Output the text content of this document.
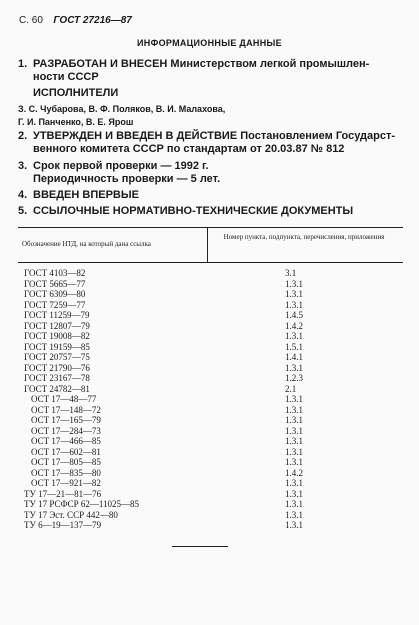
С. 60 ГОСТ 27216—87
ИНФОРМАЦИОННЫЕ ДАННЫЕ
1. РАЗРАБОТАН И ВНЕСЕН Министерством легкой промышлен-
ности СССР
ИСПОЛНИТЕЛИ
З. С. Чубарова, В. Ф. Поляков, В. И. Малахова,
Г. И. Панченко, В. Е. Ярош
2. УТВЕРЖДЕН И ВВЕДЕН В ДЕЙСТВИЕ Постановлением Государст-
венного комитета СССР по стандартам от 20.03.87 № 812
3. Срок первой проверки — 1992 г.
Периодичность проверки — 5 лет.
4. ВВЕДЕН ВПЕРВЫЕ
5. ССЫЛОЧНЫЕ НОРМАТИВНО-ТЕХНИЧЕСКИЕ ДОКУМЕНТЫ
Обозначение НТД, на который дана ссылка
Номер пункта, подпункта, перечисления, приложения
ГОСТ 4103—82	3.1
ГОСТ 5665—77	1.3.1
ГОСТ 6309—80	1.3.1
ГОСТ 7259—77	1.3.1
ГОСТ 11259—79	1.4.5
ГОСТ 12807—79	1.4.2
ГОСТ 19008—82	1.3.1
ГОСТ 19159—85	1.5.1
ГОСТ 20757—75	1.4.1
ГОСТ 21790—76	1.3.1
ГОСТ 23167—78	1.2.3
ГОСТ 24782—81	2.1
ОСТ 17—48—77	1.3.1
ОСТ 17—148—72	1.3.1
ОСТ 17—165—79	1.3.1
ОСТ 17—284—73	1.3.1
ОСТ 17—466—85	1.3.1
ОСТ 17—602—81	1.3.1
ОСТ 17—805—85	1.3.1
ОСТ 17—835—80	1.4.2
ОСТ 17—921—82	1.3.1
ТУ 17—21—81—76	1.3.1
ТУ 17 РСФСР 62—11025—85	1.3.1
ТУ 17 Эст. ССР 442—80	1.3.1
ТУ 6—19—137—79	1.3.1
